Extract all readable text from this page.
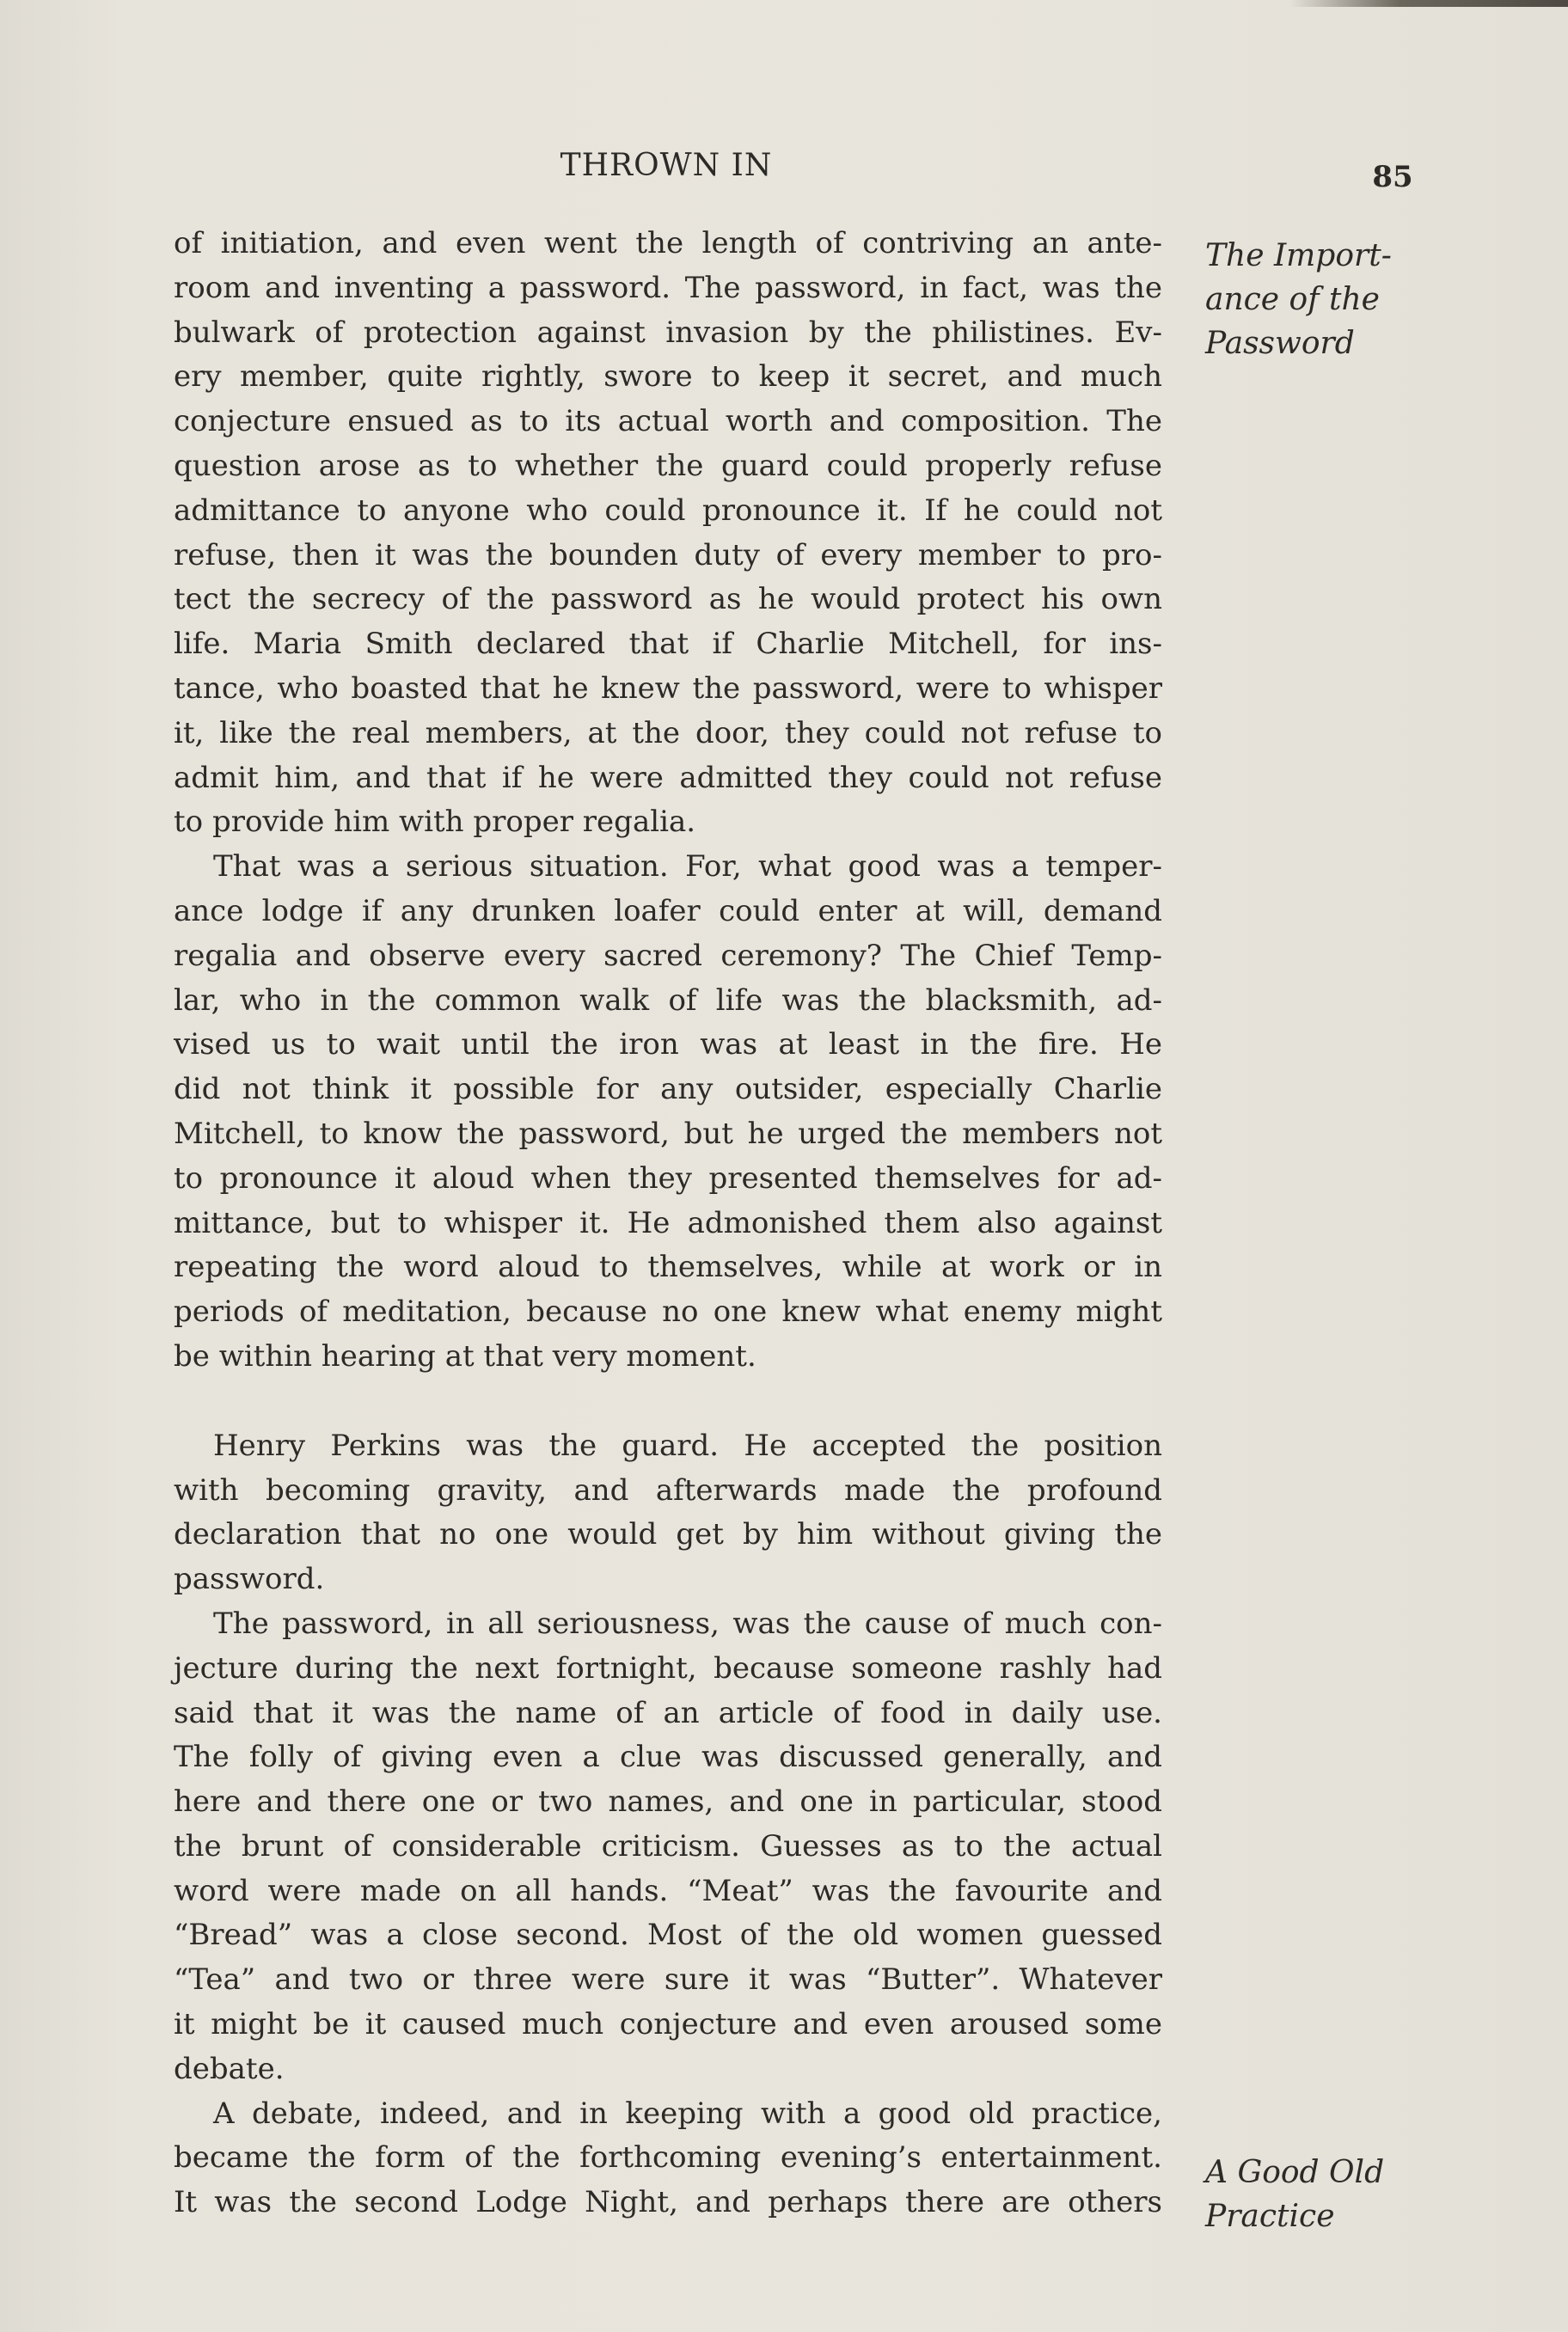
THROWN IN	85
The Import-
ance of the
Password
A Good Old
Practice
of initiation, and even went the length of contriving an ante-
room and inventing a password. The password, in fact, was the
bulwark of protection against invasion by the philistines. Ev-
ery member, quite rightly, swore to keep it secret, and much
conjecture ensued as to its actual worth and composition. The
question arose as to whether the guard could properly refuse
admittance to anyone who could pronounce it. If he could not
refuse, then it was the bounden duty of every member to pro-
tect the secrecy of the password as he would protect his own
life. Maria Smith declared that if Charlie Mitchell, for ins-
tance, who boasted that he knew the password, were to whisper
it, like the real members, at the door, they could not refuse to
admit him, and that if he were admitted they could not refuse
to provide him with proper regalia.
That was a serious situation. For, what good was a temper-
ance lodge if any drunken loafer could enter at will, demand
regalia and observe every sacred ceremony? The Chief Temp-
lar, who in the common walk of life was the blacksmith, ad-
vised us to wait until the iron was at least in the fire. He
did not think it possible for any outsider, especially Charlie
Mitchell, to know the password, but he urged the members not
to pronounce it aloud when they presented themselves for ad-
mittance, but to whisper it. He admonished them also against
repeating the word aloud to themselves, while at work or in
periods of meditation, because no one knew what enemy might
be within hearing at that very moment.
Henry Perkins was the guard. He accepted the position
with becoming gravity, and afterwards made the profound
declaration that no one would get by him without giving the
password.
The password, in all seriousness, was the cause of much con-
jecture during the next fortnight, because someone rashly had
said that it was the name of an article of food in daily use.
The folly of giving even a clue was discussed generally, and
here and there one or two names, and one in particular, stood
the brunt of considerable criticism. Guesses as to the actual
word were made on all hands. “Meat” was the favourite and
“Bread” was a close second. Most of the old women guessed
“Tea” and two or three were sure it was “Butter”. Whatever
it might be it caused much conjecture and even aroused some
debate.
A debate, indeed, and in keeping with a good old practice,
became the form of the forthcoming evening’s entertainment.
It was the second Lodge Night, and perhaps there are others
